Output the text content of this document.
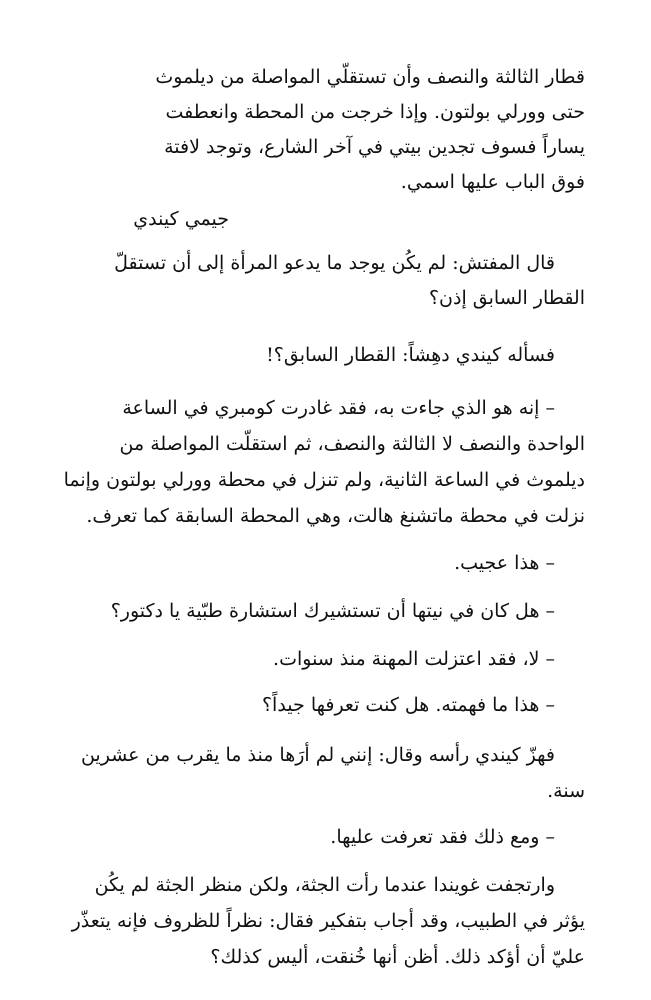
قطار الثالثة والنصف وأن تستقلّي المواصلة من ديلموث
حتى وورلي بولتون. وإذا خرجت من المحطة وانعطفت
يساراً فسوف تجدين بيتي في آخر الشارع، وتوجد لافتة
فوق الباب عليها اسمي.
جيمي كيندي
قال المفتش: لم يكُن يوجد ما يدعو المرأة إلى أن تستقلّ
القطار السابق إذن؟
فسأله كيندي دهِشاً: القطار السابق؟!
– إنه هو الذي جاءت به، فقد غادرت كومبري في الساعة
الواحدة والنصف لا الثالثة والنصف، ثم استقلّت المواصلة من
ديلموث في الساعة الثانية، ولم تنزل في محطة وورلي بولتون وإنما
نزلت في محطة ماتشنغ هالت، وهي المحطة السابقة كما تعرف.
– هذا عجيب.
– هل كان في نيتها أن تستشيرك استشارة طبّية يا دكتور؟
– لا، فقد اعتزلت المهنة منذ سنوات.
– هذا ما فهمته. هل كنت تعرفها جيداً؟
فهزّ كيندي رأسه وقال: إنني لم أرَها منذ ما يقرب من عشرين
سنة.
– ومع ذلك فقد تعرفت عليها.
وارتجفت غويندا عندما رأت الجثة، ولكن منظر الجثة لم يكُن
يؤثر في الطبيب، وقد أجاب بتفكير فقال: نظراً للظروف فإنه يتعذّر
عليّ أن أؤكد ذلك. أظن أنها خُنقت، أليس كذلك؟
